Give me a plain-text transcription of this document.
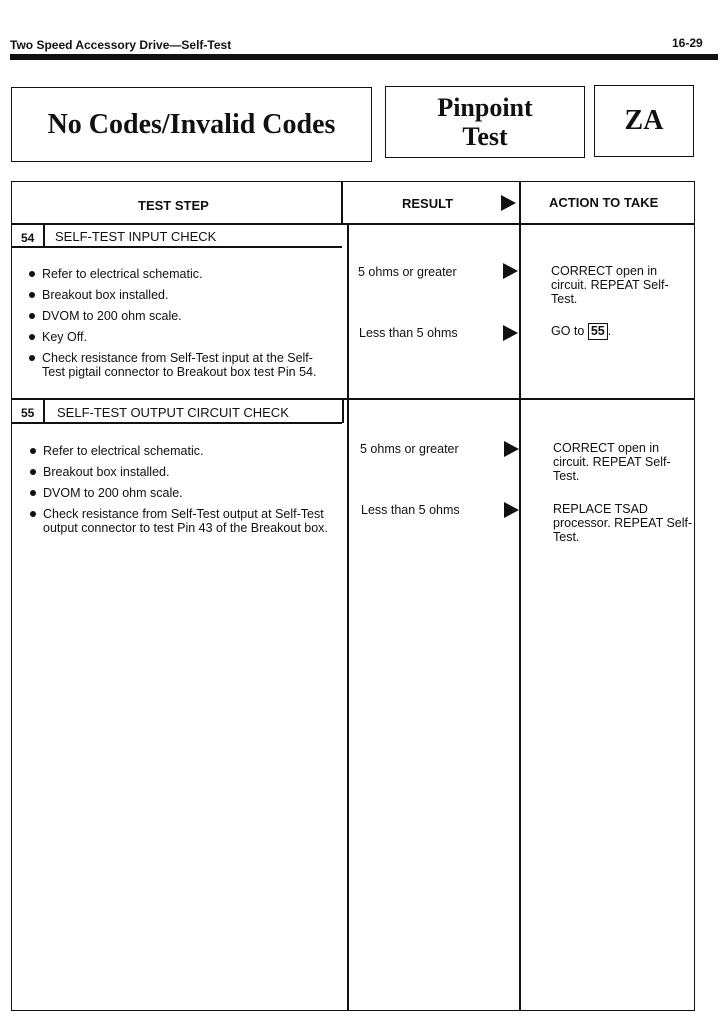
Two Speed Accessory Drive—Self-Test	16-29
No Codes/Invalid Codes
Pinpoint
Test
ZA
TEST STEP	RESULT	ACTION TO TAKE
54 SELF-TEST INPUT CHECK
Refer to electrical schematic.
Breakout box installed.
DVOM to 200 ohm scale.
Key Off.
Check resistance from Self-Test input at the Self-Test pigtail connector to Breakout box test Pin 54.
5 ohms or greater	CORRECT open in circuit. REPEAT Self-Test.
Less than 5 ohms	GO to 55 .
55 SELF-TEST OUTPUT CIRCUIT CHECK
Refer to electrical schematic.
Breakout box installed.
DVOM to 200 ohm scale.
Check resistance from Self-Test output at Self-Test output connector to test Pin 43 of the Breakout box.
5 ohms or greater	CORRECT open in circuit. REPEAT Self-Test.
Less than 5 ohms	REPLACE TSAD processor. REPEAT Self-Test.
